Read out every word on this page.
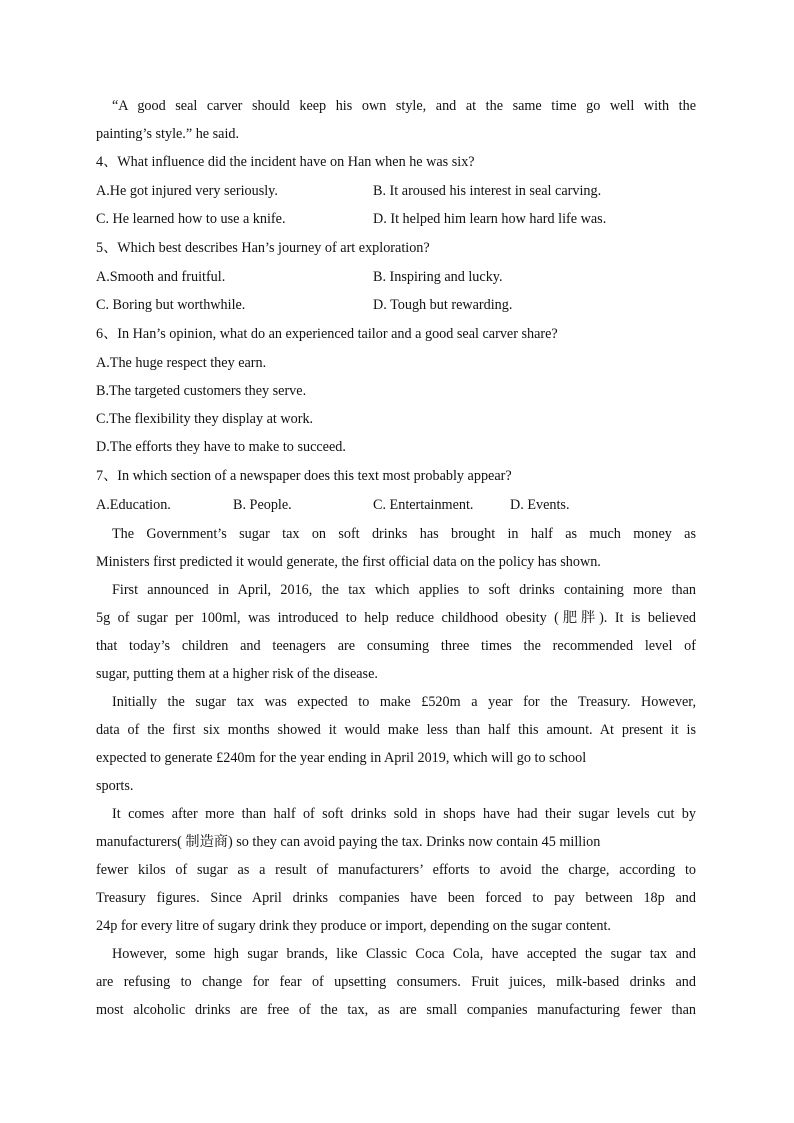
“A good seal carver should keep his own style, and at the same time go well with the
painting’s style.” he said.
4、What influence did the incident have on Han when he was six?
A.He got injured very seriously.	B. It aroused his interest in seal carving.
C. He learned how to use a knife.	D. It helped him learn how hard life was.
5、Which best describes Han’s journey of art exploration?
A.Smooth and fruitful.	B. Inspiring and lucky.
C. Boring but worthwhile.	D. Tough but rewarding.
6、In Han’s opinion, what do an experienced tailor and a good seal carver share?
A.The huge respect they earn.
B.The targeted customers they serve.
C.The flexibility they display at work.
D.The efforts they have to make to succeed.
7、In which section of a newspaper does this text most probably appear?
A.Education.	B. People.	C. Entertainment.	D. Events.
The Government’s sugar tax on soft drinks has brought in half as much money as
Ministers first predicted it would generate, the first official data on the policy has shown.
First announced in April, 2016, the tax which applies to soft drinks containing more than
5g of sugar per 100ml, was introduced to help reduce childhood obesity (肥胖). It is believed
that today’s children and teenagers are consuming three times the recommended level of
sugar, putting them at a higher risk of the disease.
Initially the sugar tax was expected to make £520m a year for the Treasury. However,
data of the first six months showed it would make less than half this amount. At present it is
expected to generate £240m for the year ending in April 2019, which will go to school
sports.
It comes after more than half of soft drinks sold in shops have had their sugar levels cut by
manufacturers( 制造商) so they can avoid paying the tax. Drinks now contain 45 million
fewer kilos of sugar as a result of manufacturers’ efforts to avoid the charge, according to
Treasury figures. Since April drinks companies have been forced to pay between 18p and
24p for every litre of sugary drink they produce or import, depending on the sugar content.
However, some high sugar brands, like Classic Coca Cola, have accepted the sugar tax and
are refusing to change for fear of upsetting consumers. Fruit juices, milk-based drinks and
most alcoholic drinks are free of the tax, as are small companies manufacturing fewer than
